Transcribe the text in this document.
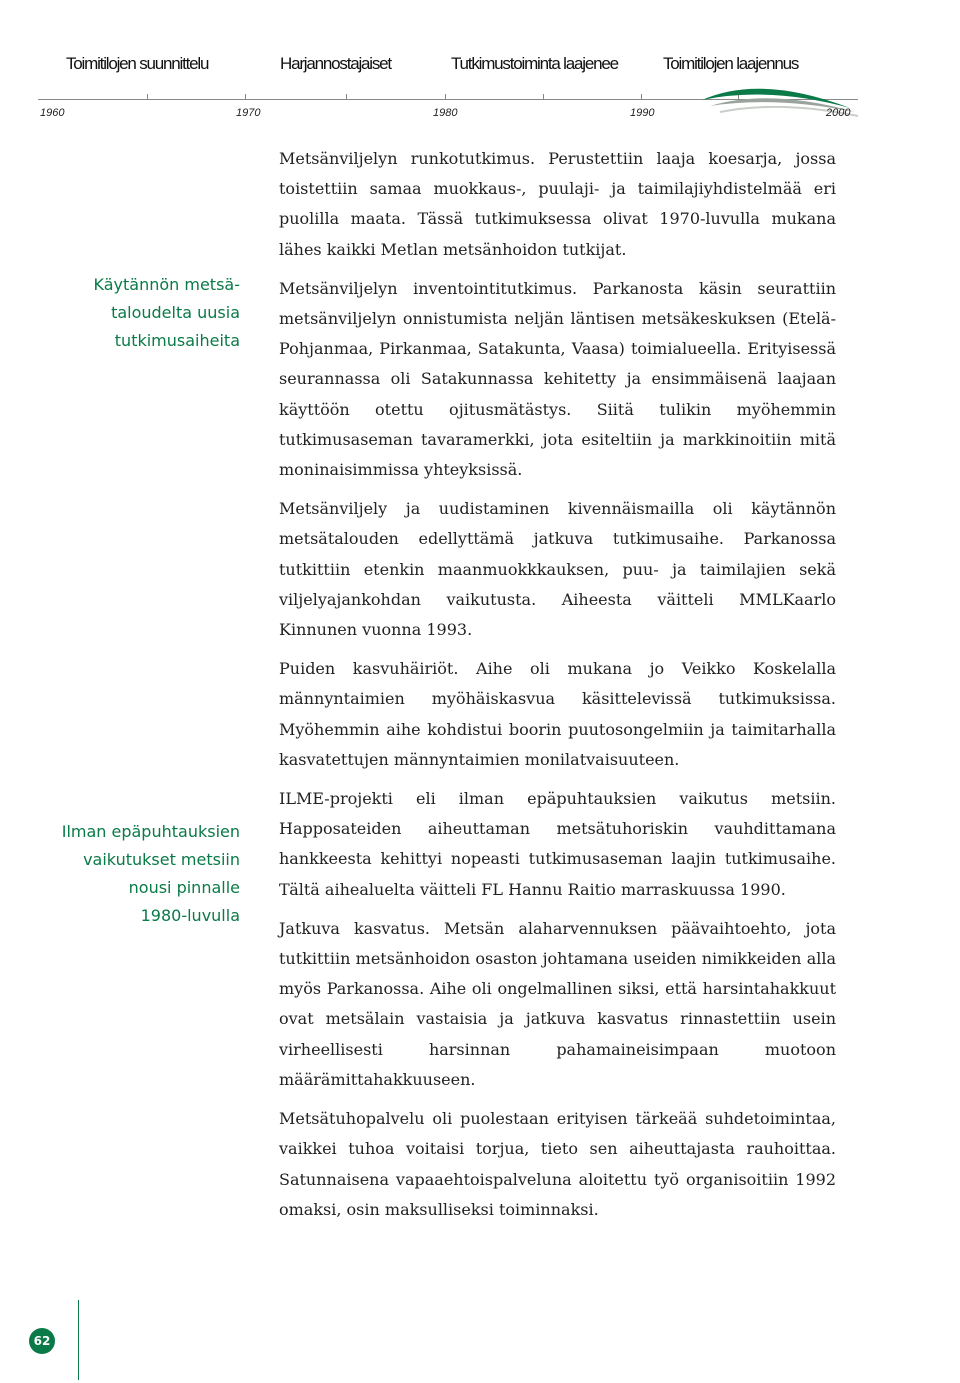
Toimitilojen suunnittelu	Harjannostajaiset	Tutkimustoiminta laajenee	Toimitilojen laajennus
1960	1970	1980	1990	2000
Käytännön metsä-
taloudelta uusia
tutkimusaiheita
Ilman epäpuhtauksien
vaikutukset metsiin
nousi pinnalle
1980-luvulla

Metsänviljelyn runkotutkimus. Perustettiin laaja koesarja, jossa toistettiin samaa muokkaus-, puulaji- ja taimilajiyhdistelmää eri puolilla maata. Tässä tutkimuksessa olivat 1970-luvulla mukana lähes kaikki Metlan metsänhoidon tutkijat.

Metsänviljelyn inventointitutkimus. Parkanosta käsin seurattiin metsänviljelyn onnistumista neljän läntisen metsäkeskuksen (Etelä-Pohjanmaa, Pirkanmaa, Satakunta, Vaasa) toimialueella. Erityisessä seurannassa oli Satakunnassa kehitetty ja ensimmäisenä laajaan käyttöön otettu ojitusmätästys. Siitä tulikin myöhemmin tutkimusaseman tavaramerkki, jota esiteltiin ja markkinoitiin mitä moninaisimmissa yhteyksissä.

Metsänviljely ja uudistaminen kivennäismailla oli käytännön metsätalouden edellyttämä jatkuva tutkimusaihe. Parkanossa tutkittiin etenkin maanmuokkkauksen, puu- ja taimilajien sekä viljelyajankohdan vaikutusta. Aiheesta väitteli MMLKaarlo Kinnunen vuonna 1993.

Puiden kasvuhäiriöt. Aihe oli mukana jo Veikko Koskelalla männyntaimien myöhäiskasvua käsittelevissä tutkimuksissa. Myöhemmin aihe kohdistui boorin puutosongelmiin ja taimitarhalla kasvatettujen männyntaimien monilatvaisuuteen.

ILME-projekti eli ilman epäpuhtauksien vaikutus metsiin. Happosateiden aiheuttaman metsätuhoriskin vauhdittamana hankkeesta kehittyi nopeasti tutkimusaseman laajin tutkimusaihe. Tältä aihealuelta väitteli FL Hannu Raitio marraskuussa 1990.

Jatkuva kasvatus. Metsän alaharvennuksen päävaihtoehto, jota tutkittiin metsänhoidon osaston johtamana useiden nimikkeiden alla myös Parkanossa. Aihe oli ongelmallinen siksi, että harsintahakkuut ovat metsälain vastaisia ja jatkuva kasvatus rinnastettiin usein virheellisesti harsinnan pahamaineisimpaan muotoon määrämittahakkuuseen.

Metsätuhopalvelu oli puolestaan erityisen tärkeää suhdetoimintaa, vaikkei tuhoa voitaisi torjua, tieto sen aiheuttajasta rauhoittaa. Satunnaisena vapaaehtoispalveluna aloitettu työ organisoitiin 1992 omaksi, osin maksulliseksi toiminnaksi.

62
